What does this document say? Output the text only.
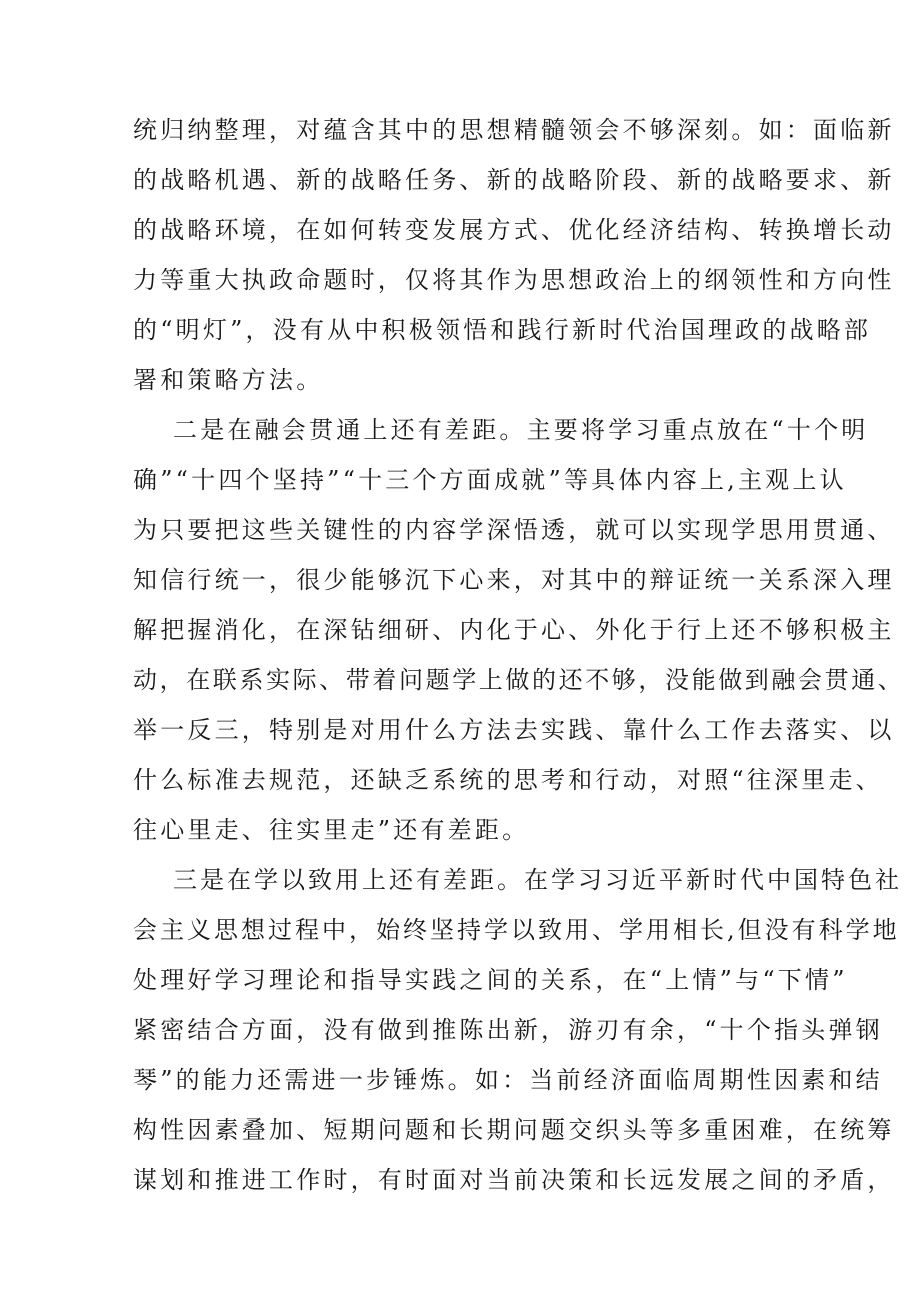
统归纳整理，对蕴含其中的思想精髓领会不够深刻。如：面临新
的战略机遇、新的战略任务、新的战略阶段、新的战略要求、新
的战略环境，在如何转变发展方式、优化经济结构、转换增长动
力等重大执政命题时，仅将其作为思想政治上的纲领性和方向性
的“明灯”，没有从中积极领悟和践行新时代治国理政的战略部
署和策略方法。
二是在融会贯通上还有差距。主要将学习重点放在“十个明
确”“十四个坚持”“十三个方面成就”等具体内容上,主观上认
为只要把这些关键性的内容学深悟透，就可以实现学思用贯通、
知信行统一，很少能够沉下心来，对其中的辩证统一关系深入理
解把握消化，在深钻细研、内化于心、外化于行上还不够积极主
动，在联系实际、带着问题学上做的还不够，没能做到融会贯通、
举一反三，特别是对用什么方法去实践、靠什么工作去落实、以
什么标准去规范，还缺乏系统的思考和行动，对照“往深里走、
往心里走、往实里走”还有差距。
三是在学以致用上还有差距。在学习习近平新时代中国特色社
会主义思想过程中，始终坚持学以致用、学用相长,但没有科学地
处理好学习理论和指导实践之间的关系，在“上情”与“下情”
紧密结合方面，没有做到推陈出新，游刃有余，“十个指头弹钢
琴”的能力还需进一步锤炼。如：当前经济面临周期性因素和结
构性因素叠加、短期问题和长期问题交织头等多重困难，在统筹
谋划和推进工作时，有时面对当前决策和长远发展之间的矛盾，
